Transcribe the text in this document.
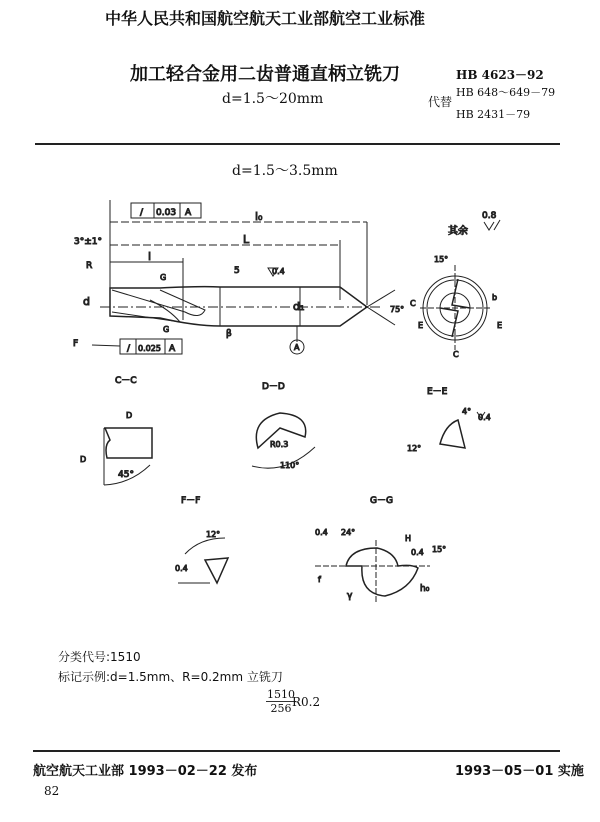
中华人民共和国航空航天工业部航空工业标准
加工轻合金用二齿普通直柄立铣刀
d=1.5～20mm
HB 4623－92
代替
HB 648～649－79
HB 2431－79
d=1.5～3.5mm
/ 0.03 A
/ 0.025 A
l₀
L
l
3°±1°
R
d	d₁
5	0.4
G
G	β
F	A
75°
其余
0.8
15°
C
C
E	E
b
C－C
D
D
45°
D－D
R0.3
110°
E－E
4°
12°
0.4
F－F
12°
0.4
G－G
0.4 24°
H
0.4 15°
f
γ
h₀
分类代号:1510
标记示例:d=1.5mm、R=0.2mm 立铣刀
$\frac{1510}{256}$
R0.2
航空航天工业部 1993－02－22 发布	1993－05－01 实施
82
